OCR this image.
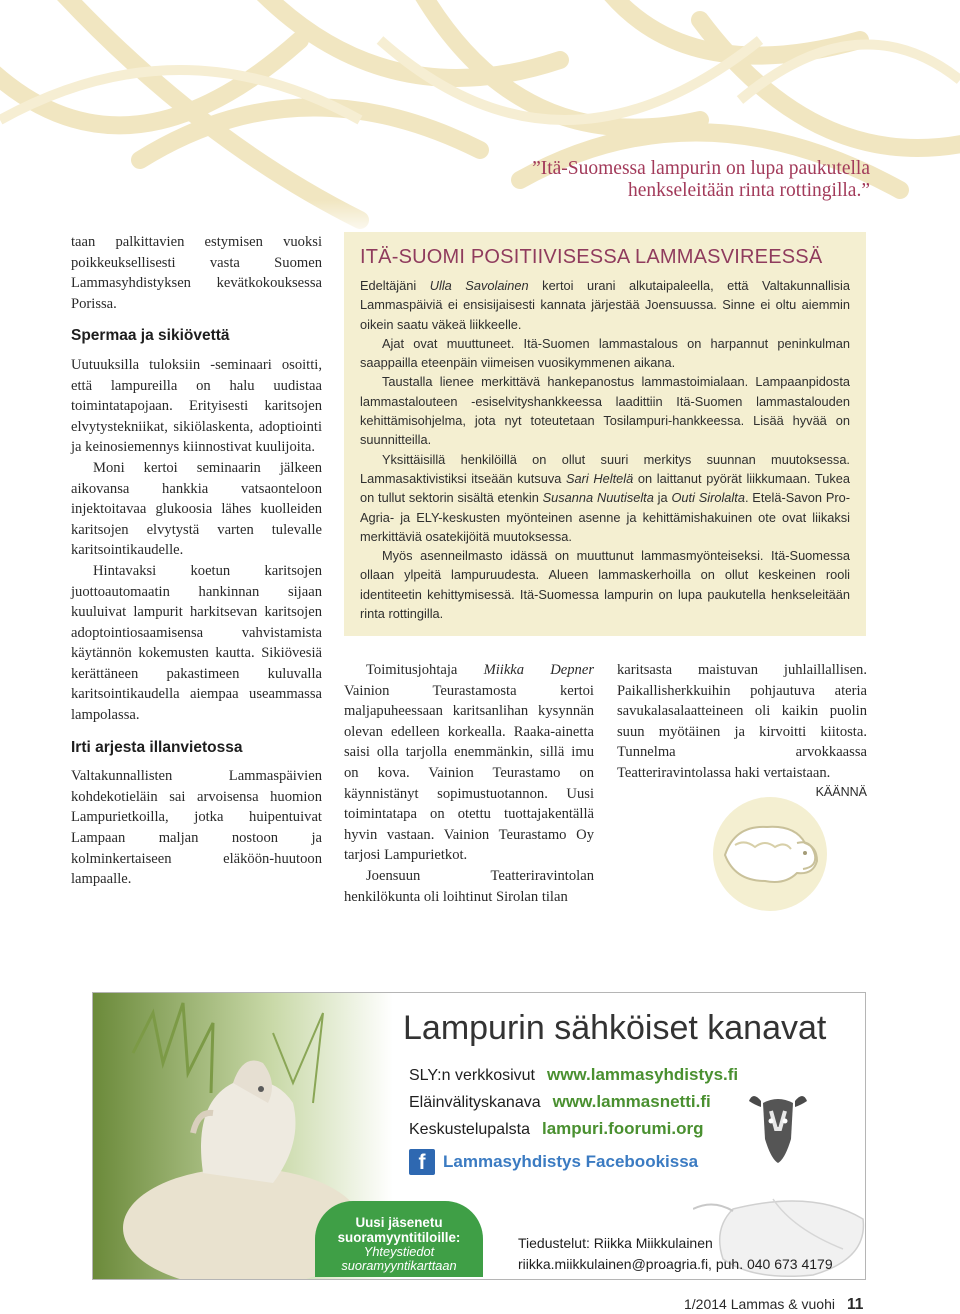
”Itä-Suomessa lampurin on lupa paukutella henkseleitään rinta rottingilla.”

taan palkittavien estymisen vuoksi poikkeuksellisesti vasta Suomen Lammasyhdistyksen kevätkokouksessa Porissa.

Spermaa ja sikiövettä

Uutuuksilla tuloksiin -seminaari osoitti, että lampureilla on halu uudistaa toimintatapojaan. Erityisesti karitsojen elvytystekniikat, sikiölaskenta, adoptiointi ja keinosiemennys kiinnostivat kuulijoita.

Moni kertoi seminaarin jälkeen aikovansa hankkia vatsaonteloon injektoitavaa glukoosia lähes kuolleiden karitsojen elvytystä varten tulevalle karitsointikaudelle.

Hintavaksi koetun karitsojen juottoautomaatin hankinnan sijaan kuuluivat lampurit harkitsevan karitsojen adoptointiosaamisensa vahvistamista käytännön kokemusten kautta. Sikiövesiä kerättäneen pakastimeen kuluvalla karitsointikaudella aiempaa useammassa lampolassa.

Irti arjesta illanvietossa

Valtakunnallisten Lammaspäivien kohdekotieläin sai arvoisensa huomion Lampurietkoilla, jotka huipentuivat Lampaan maljan nostoon ja kolminkertaiseen eläköön-huutoon lampaalle.

ITÄ-SUOMI POSITIIVISESSA LAMMASVIREESSÄ

Edeltäjäni Ulla Savolainen kertoi urani alkutaipaleella, että Valtakunnallisia Lammaspäiviä ei ensisijaisesti kannata järjestää Joensuussa. Sinne ei oltu aiemmin oikein saatu väkeä liikkeelle.

Ajat ovat muuttuneet. Itä-Suomen lammastalous on harpannut peninkulman saappailla eteenpäin viimeisen vuosikymmenen aikana.

Taustalla lienee merkittävä hankepanostus lammastoimialaan. Lampaanpidosta lammastalouteen -esiselvityshankkeessa laadittiin Itä-Suomen lammastalouden kehittämisohjelma, jota nyt toteutetaan Tosilampuri-hankkeessa. Lisää hyvää on suunnitteilla.

Yksittäisillä henkilöillä on ollut suuri merkitys suunnan muutoksessa. Lammasaktivistiksi itseään kutsuva Sari Heltelä on laittanut pyörät liikkumaan. Tukea on tullut sektorin sisältä etenkin Susanna Nuutiselta ja Outi Sirolalta. Etelä-Savon Pro-Agria- ja ELY-keskusten myönteinen asenne ja kehittämishakuinen ote ovat liikaksi merkittäviä osatekijöitä muutoksessa.

Myös asenneilmasto idässä on muuttunut lammasmyönteiseksi. Itä-Suomessa ollaan ylpeitä lampuruudesta. Alueen lammaskerhoilla on ollut keskeinen rooli identiteetin kehittymisessä. Itä-Suomessa lampurin on lupa paukutella henkseleitään rinta rottingilla.

Toimitusjohtaja Miikka Depner Vainion Teurastamosta kertoi maljapuheessaan karitsanlihan kysynnän olevan edelleen korkealla. Raaka-ainetta saisi olla tarjolla enemmänkin, sillä imu on kova. Vainion Teurastamo on käynnistänyt sopimustuotannon. Uusi toimintatapa on otettu tuottajakentällä hyvin vastaan. Vainion Teurastamo Oy tarjosi Lampurietkot.

Joensuun Teatteriravintolan henkilökunta oli loihtinut Sirolan tilan

karitsasta maistuvan juhlaillallisen. Paikallisherkkuihin pohjautuva ateria savukalasalaatteineen oli kaikin puolin suun myötäinen ja kirvoitti kiitosta. Tunnelma arvokkaassa Teatteriravintolassa haki vertaistaan.

KÄÄNNÄ
Lampurin sähköiset kanavat
SLY:n verkkosivut www.lammasyhdistys.fi
Eläinvälityskanava www.lammasnetti.fi
Keskustelupalsta lampuri.foorumi.org
f	Lammasyhdistys Facebookissa
Uusi jäsenetu
suoramyyntitiloille:
Yhteystiedot
suoramyyntikarttaan
Tiedustelut: Riikka Miikkulainen
riikka.miikkulainen@proagria.fi, puh. 040 673 4179
1/2014 Lammas & vuohi 11
